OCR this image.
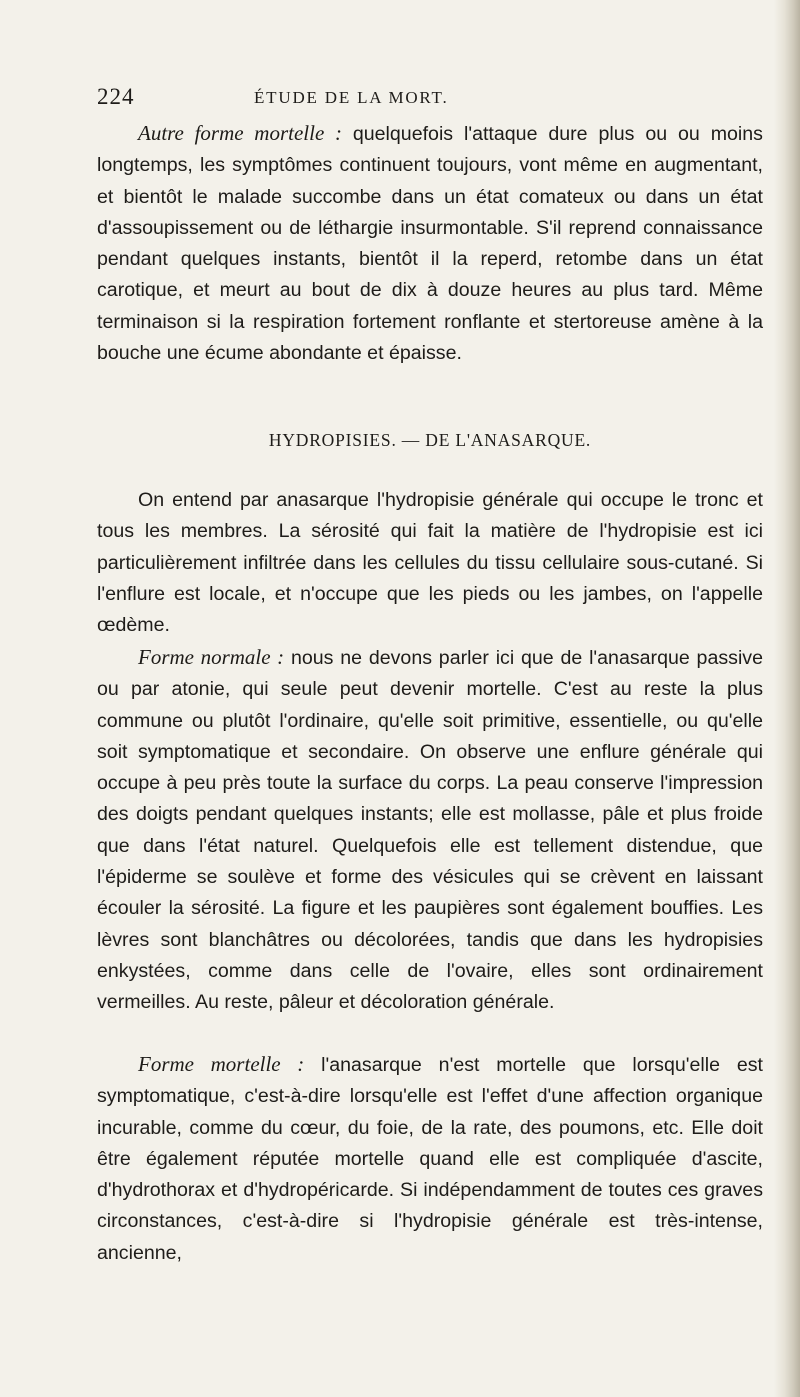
224	ÉTUDE DE LA MORT.

Autre forme mortelle : quelquefois l'attaque dure plus ou ou moins longtemps, les symptômes continuent toujours, vont même en augmentant, et bientôt le malade succombe dans un état comateux ou dans un état d'assoupissement ou de léthargie insurmontable. S'il reprend connaissance pendant quelques instants, bientôt il la reperd, retombe dans un état carotique, et meurt au bout de dix à douze heures au plus tard. Même terminaison si la respiration fortement ronflante et stertoreuse amène à la bouche une écume abondante et épaisse.

HYDROPISIES. — DE L'ANASARQUE.

On entend par anasarque l'hydropisie générale qui occupe le tronc et tous les membres. La sérosité qui fait la matière de l'hydropisie est ici particulièrement infiltrée dans les cellules du tissu cellulaire sous-cutané. Si l'enflure est locale, et n'occupe que les pieds ou les jambes, on l'appelle œdème.

Forme normale : nous ne devons parler ici que de l'anasarque passive ou par atonie, qui seule peut devenir mortelle. C'est au reste la plus commune ou plutôt l'ordinaire, qu'elle soit primitive, essentielle, ou qu'elle soit symptomatique et secondaire. On observe une enflure générale qui occupe à peu près toute la surface du corps. La peau conserve l'impression des doigts pendant quelques instants; elle est mollasse, pâle et plus froide que dans l'état naturel. Quelquefois elle est tellement distendue, que l'épiderme se soulève et forme des vésicules qui se crèvent en laissant écouler la sérosité. La figure et les paupières sont également bouffies. Les lèvres sont blanchâtres ou décolorées, tandis que dans les hydropisies enkystées, comme dans celle de l'ovaire, elles sont ordinairement vermeilles. Au reste, pâleur et décoloration générale.

Forme mortelle : l'anasarque n'est mortelle que lorsqu'elle est symptomatique, c'est-à-dire lorsqu'elle est l'effet d'une affection organique incurable, comme du cœur, du foie, de la rate, des poumons, etc. Elle doit être également réputée mortelle quand elle est compliquée d'ascite, d'hydrothorax et d'hydropéricarde. Si indépendamment de toutes ces graves circonstances, c'est-à-dire si l'hydropisie générale est très-intense, ancienne,
